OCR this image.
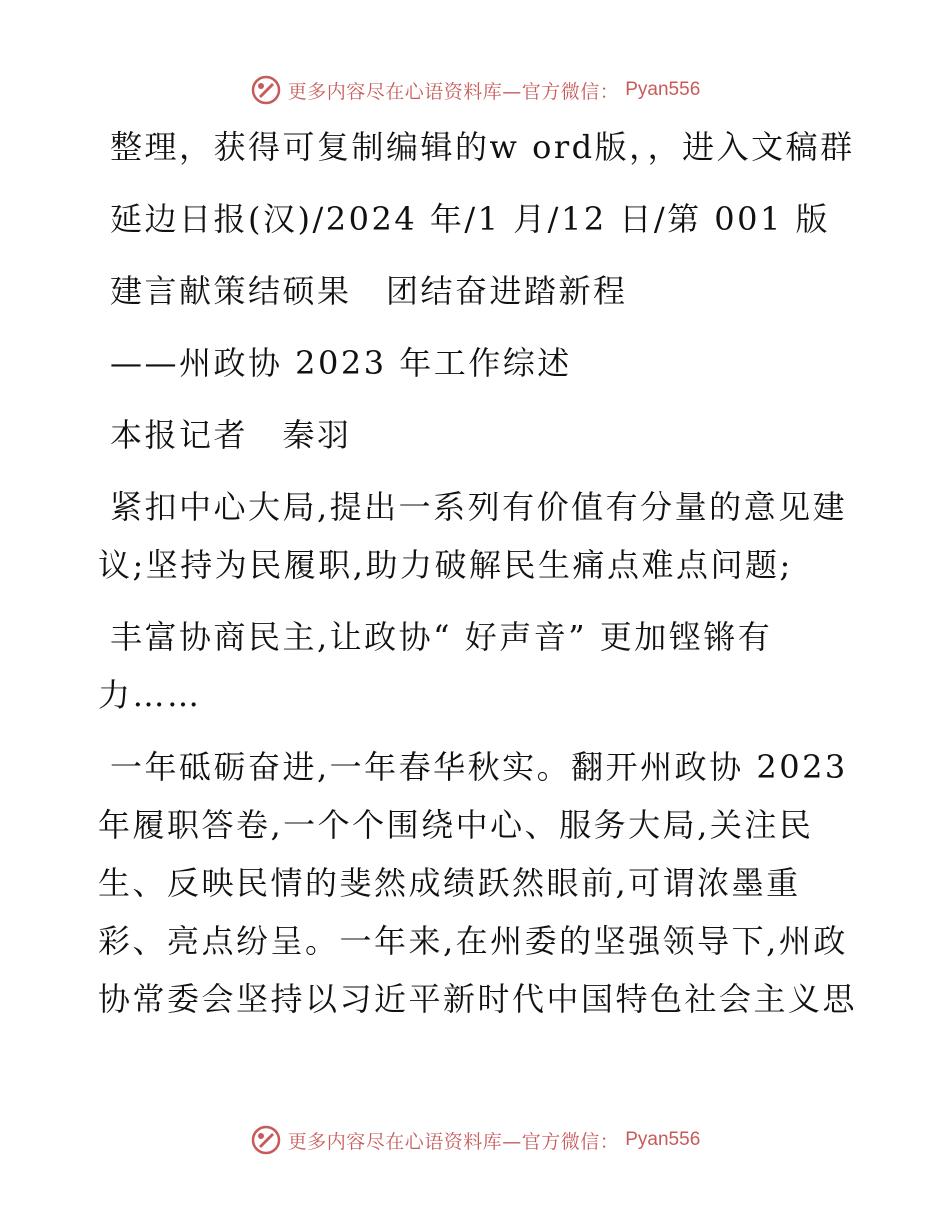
更多内容尽在心语资料库—官方微信： Pyan556

整理，获得可复制编辑的w ord版，，进入文稿群

延边日报(汉)/2024 年/1 月/12 日/第 001 版

建言献策结硕果　团结奋进踏新程

——州政协 2023 年工作综述

本报记者　秦羽

紧扣中心大局,提出一系列有价值有分量的意见建议;坚持为民履职,助力破解民生痛点难点问题;

丰富协商民主,让政协“ 好声音” 更加铿锵有力……

一年砥砺奋进,一年春华秋实。翻开州政协 2023 年履职答卷,一个个围绕中心、服务大局,关注民生、反映民情的斐然成绩跃然眼前,可谓浓墨重彩、亮点纷呈。一年来,在州委的坚强领导下,州政协常委会坚持以习近平新时代中国特色社会主义思

更多内容尽在心语资料库—官方微信： Pyan556
